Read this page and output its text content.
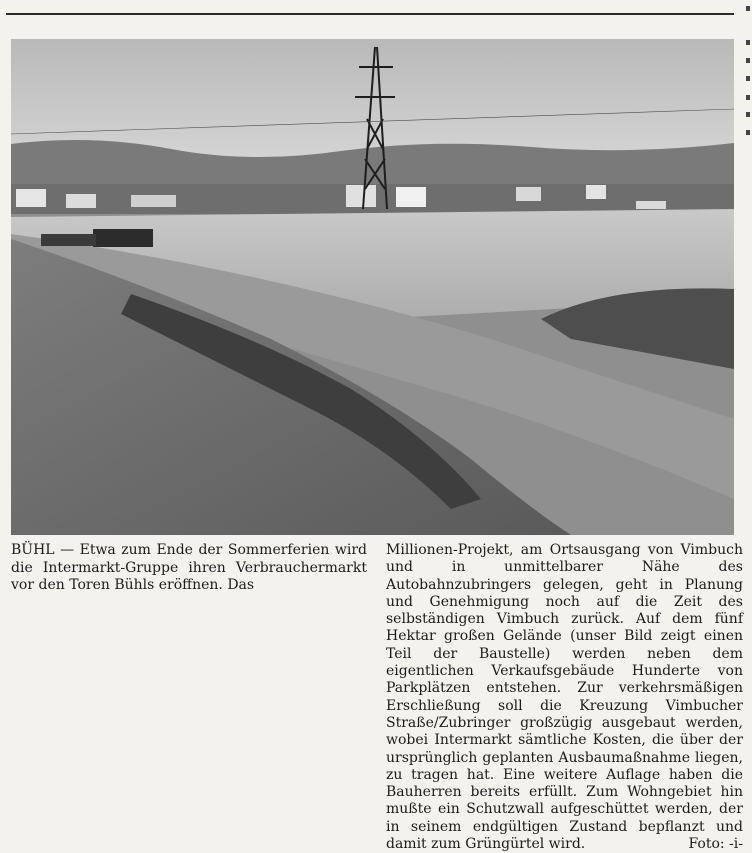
BÜHL — Etwa zum Ende der Sommerferien wird die Intermarkt-Gruppe ihren Verbrauchermarkt vor den Toren Bühls eröffnen. Das

Millionen-Projekt, am Ortsausgang von Vimbuch und in unmittelbarer Nähe des Autobahnzubringers gelegen, geht in Planung und Genehmigung noch auf die Zeit des selbständigen Vimbuch zurück. Auf dem fünf Hektar großen Gelände (unser Bild zeigt einen Teil der Baustelle) werden neben dem eigentlichen Verkaufsgebäude Hunderte von Parkplätzen entstehen. Zur verkehrsmäßigen Erschließung soll die Kreuzung Vimbucher Straße/Zubringer großzügig ausgebaut werden, wobei Intermarkt sämtliche Kosten, die über der ursprünglich geplanten Ausbaumaßnahme liegen, zu tragen hat. Eine weitere Auflage haben die Bauherren bereits erfüllt. Zum Wohngebiet hin mußte ein Schutzwall aufgeschüttet werden, der in seinem endgültigen Zustand bepflanzt und damit zum Grüngürtel wird.	Foto: -i-
